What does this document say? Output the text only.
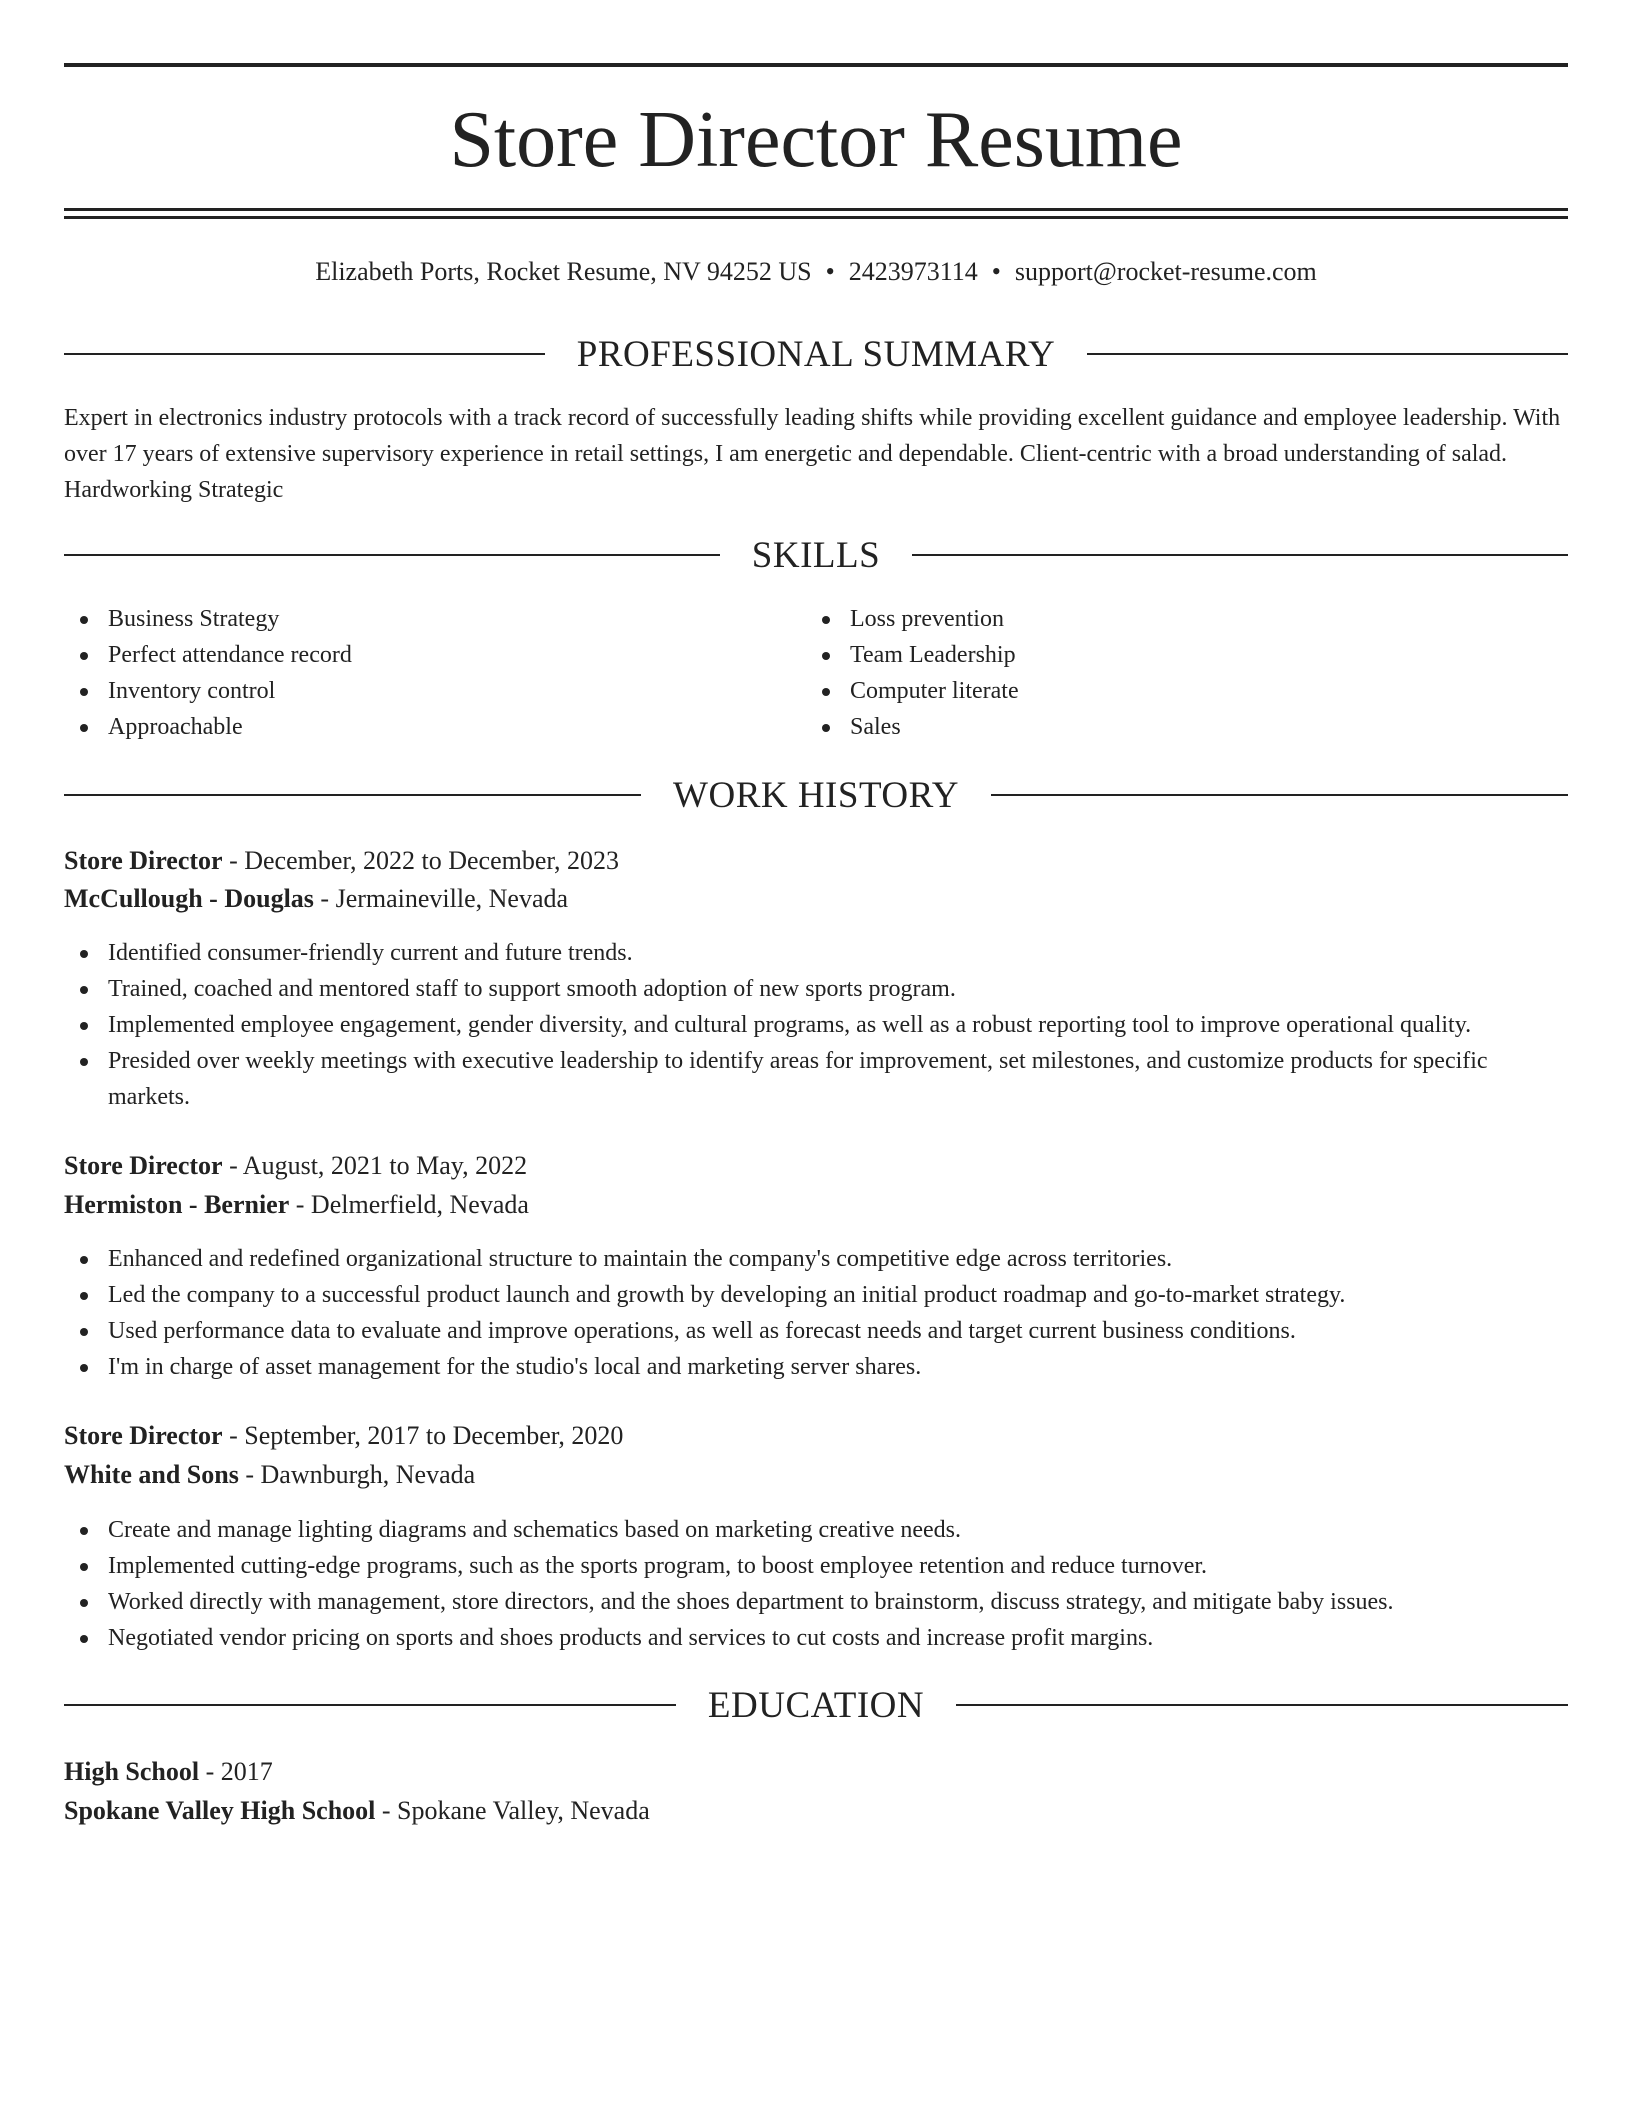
Store Director Resume
Elizabeth Ports, Rocket Resume, NV 94252 US • 2423973114 • support@rocket-resume.com
PROFESSIONAL SUMMARY

Expert in electronics industry protocols with a track record of successfully leading shifts while providing excellent guidance and employee leadership. With over 17 years of extensive supervisory experience in retail settings, I am energetic and dependable. Client-centric with a broad understanding of salad. Hardworking Strategic

SKILLS
Business Strategy
Perfect attendance record
Inventory control
Approachable
Loss prevention
Team Leadership
Computer literate
Sales
WORK HISTORY
Store Director - December, 2022 to December, 2023
McCullough - Douglas - Jermaineville, Nevada
Identified consumer-friendly current and future trends.
Trained, coached and mentored staff to support smooth adoption of new sports program.
Implemented employee engagement, gender diversity, and cultural programs, as well as a robust reporting tool to improve operational quality.
Presided over weekly meetings with executive leadership to identify areas for improvement, set milestones, and customize products for specific markets.
Store Director - August, 2021 to May, 2022
Hermiston - Bernier - Delmerfield, Nevada
Enhanced and redefined organizational structure to maintain the company's competitive edge across territories.
Led the company to a successful product launch and growth by developing an initial product roadmap and go-to-market strategy.
Used performance data to evaluate and improve operations, as well as forecast needs and target current business conditions.
I'm in charge of asset management for the studio's local and marketing server shares.
Store Director - September, 2017 to December, 2020
White and Sons - Dawnburgh, Nevada
Create and manage lighting diagrams and schematics based on marketing creative needs.
Implemented cutting-edge programs, such as the sports program, to boost employee retention and reduce turnover.
Worked directly with management, store directors, and the shoes department to brainstorm, discuss strategy, and mitigate baby issues.
Negotiated vendor pricing on sports and shoes products and services to cut costs and increase profit margins.
EDUCATION
High School - 2017
Spokane Valley High School - Spokane Valley, Nevada
